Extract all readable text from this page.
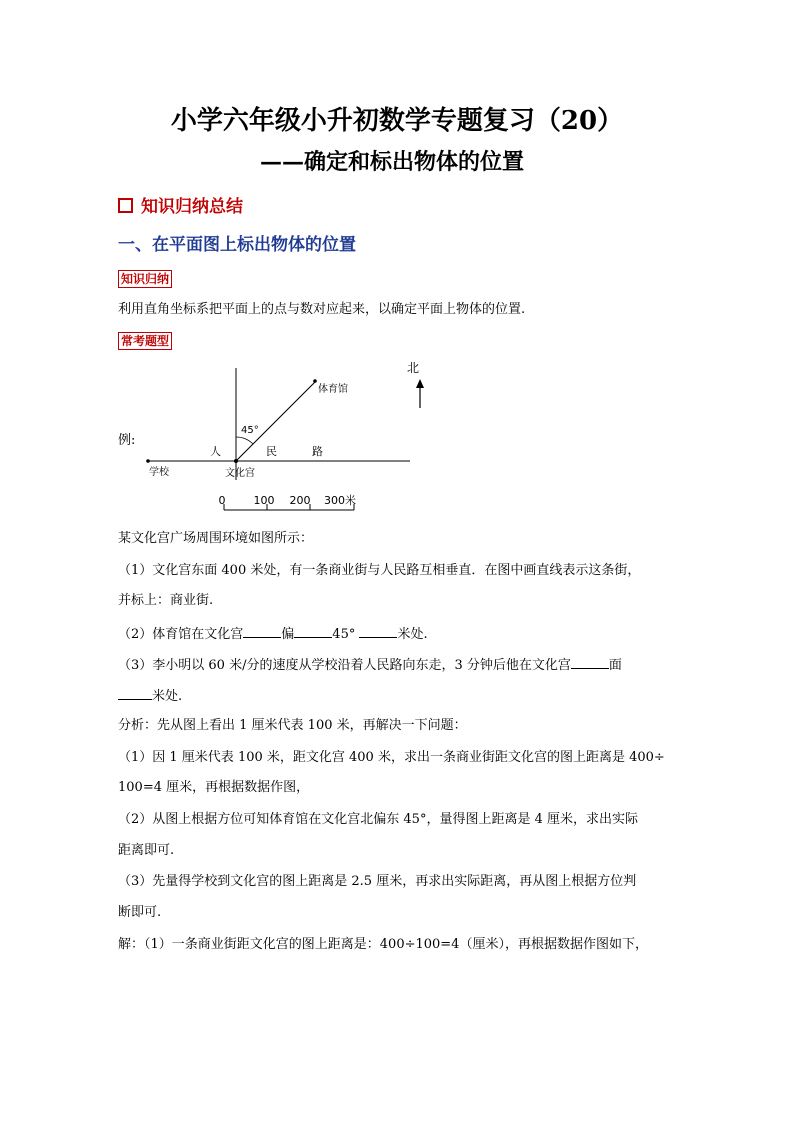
小学六年级小升初数学专题复习（20）
——确定和标出物体的位置
知识归纳总结
一、在平面图上标出物体的位置
知识归纳
利用直角坐标系把平面上的点与数对应起来，以确定平面上物体的位置.
常考题型
例:
北
体育馆
45°
人	民	路
学校	文化宫
0	100 200 300米
某文化宫广场周围环境如图所示：
（1）文化宫东面 400 米处，有一条商业街与人民路互相垂直．在图中画直线表示这条街，
并标上：商业街.
（2）体育馆在文化宫	偏	45°	米处.
（3）李小明以 60 米/分的速度从学校沿着人民路向东走，3 分钟后他在文化宫	面
米处.
分析：先从图上看出 1 厘米代表 100 米，再解决一下问题：
（1）因 1 厘米代表 100 米，距文化宫 400 米，求出一条商业街距文化宫的图上距离是 400÷
100=4 厘米，再根据数据作图，
（2）从图上根据方位可知体育馆在文化宫北偏东 45°，量得图上距离是 4 厘米，求出实际
距离即可.
（3）先量得学校到文化宫的图上距离是 2.5 厘米，再求出实际距离，再从图上根据方位判
断即可.
解：（1）一条商业街距文化宫的图上距离是：400÷100=4（厘米），再根据数据作图如下，
